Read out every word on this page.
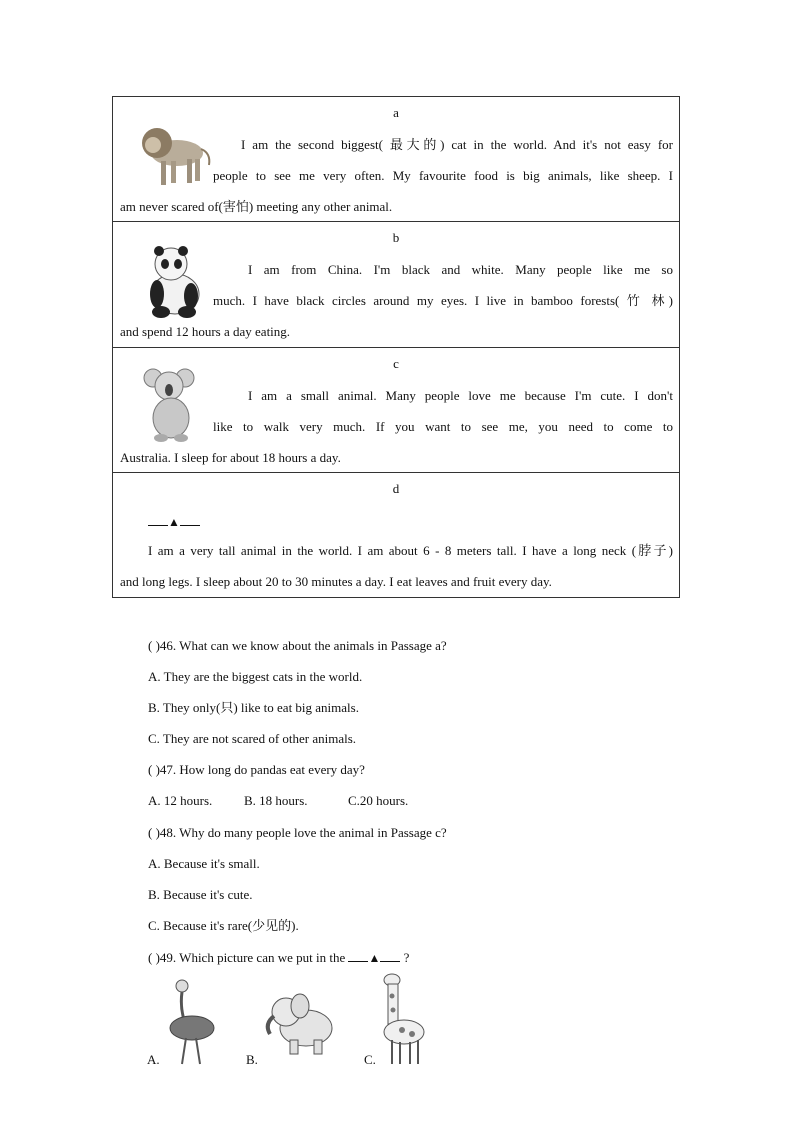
a
I am the second biggest( 最大的) cat in the world. And it's not easy for
people to see me very often. My favourite food is big animals, like sheep. I
am never scared of(害怕) meeting any other animal.
b
I am from China. I'm black and white. Many people like me so
much. I have black circles around my eyes. I live in bamboo forests( 竹 林)
and spend 12 hours a day eating.
c
I am a small animal. Many people love me because I'm cute. I don't
like to walk very much. If you want to see me, you need to come to
Australia. I sleep for about 18 hours a day.
d
▲
I am a very tall animal in the world. I am about 6 - 8 meters tall. I have a long neck (脖子)
and long legs. I sleep about 20 to 30 minutes a day. I eat leaves and fruit every day.
( )46. What can we know about the animals in Passage a?
A. They are the biggest cats in the world.
B. They only(只) like to eat big animals.
C. They are not scared of other animals.
( )47. How long do pandas eat every day?
A. 12 hours. B. 18 hours.	C.20 hours.
( )48. Why do many people love the animal in Passage c?
A. Because it's small.
B. Because it's cute.
C. Because it's rare(少见的).
( )49. Which picture can we put in the ▲ ?
A.	B.	C.
